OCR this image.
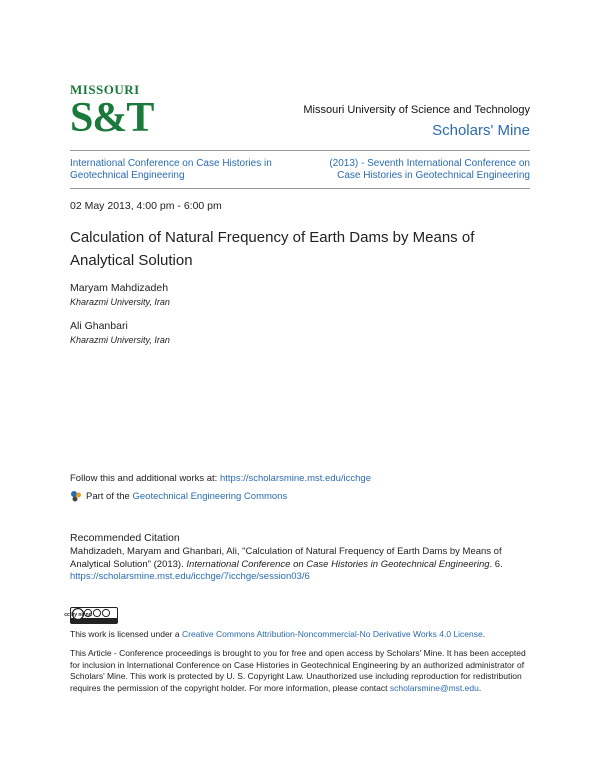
MISSOURI
S&T	Missouri University of Science and Technology
Scholars' Mine
International Conference on Case Histories in Geotechnical Engineering
(2013) - Seventh International Conference on Case Histories in Geotechnical Engineering
02 May 2013, 4:00 pm - 6:00 pm
Calculation of Natural Frequency of Earth Dams by Means of Analytical Solution
Maryam Mahdizadeh
Kharazmi University, Iran
Ali Ghanbari
Kharazmi University, Iran
Follow this and additional works at: https://scholarsmine.mst.edu/icchge
Part of the
Geotechnical Engineering Commons
Recommended Citation
Mahdizadeh, Maryam and Ghanbari, Ali, "Calculation of Natural Frequency of Earth Dams by Means of Analytical Solution" (2013). International Conference on Case Histories in Geotechnical Engineering. 6.
https://scholarsmine.mst.edu/icchge/7icchge/session03/6
cc by nc nd
This work is licensed under a Creative Commons Attribution-Noncommercial-No Derivative Works 4.0 License.
This Article - Conference proceedings is brought to you for free and open access by Scholars' Mine. It has been accepted for inclusion in International Conference on Case Histories in Geotechnical Engineering by an authorized administrator of Scholars' Mine. This work is protected by U. S. Copyright Law. Unauthorized use including reproduction for redistribution requires the permission of the copyright holder. For more information, please contact scholarsmine@mst.edu.
